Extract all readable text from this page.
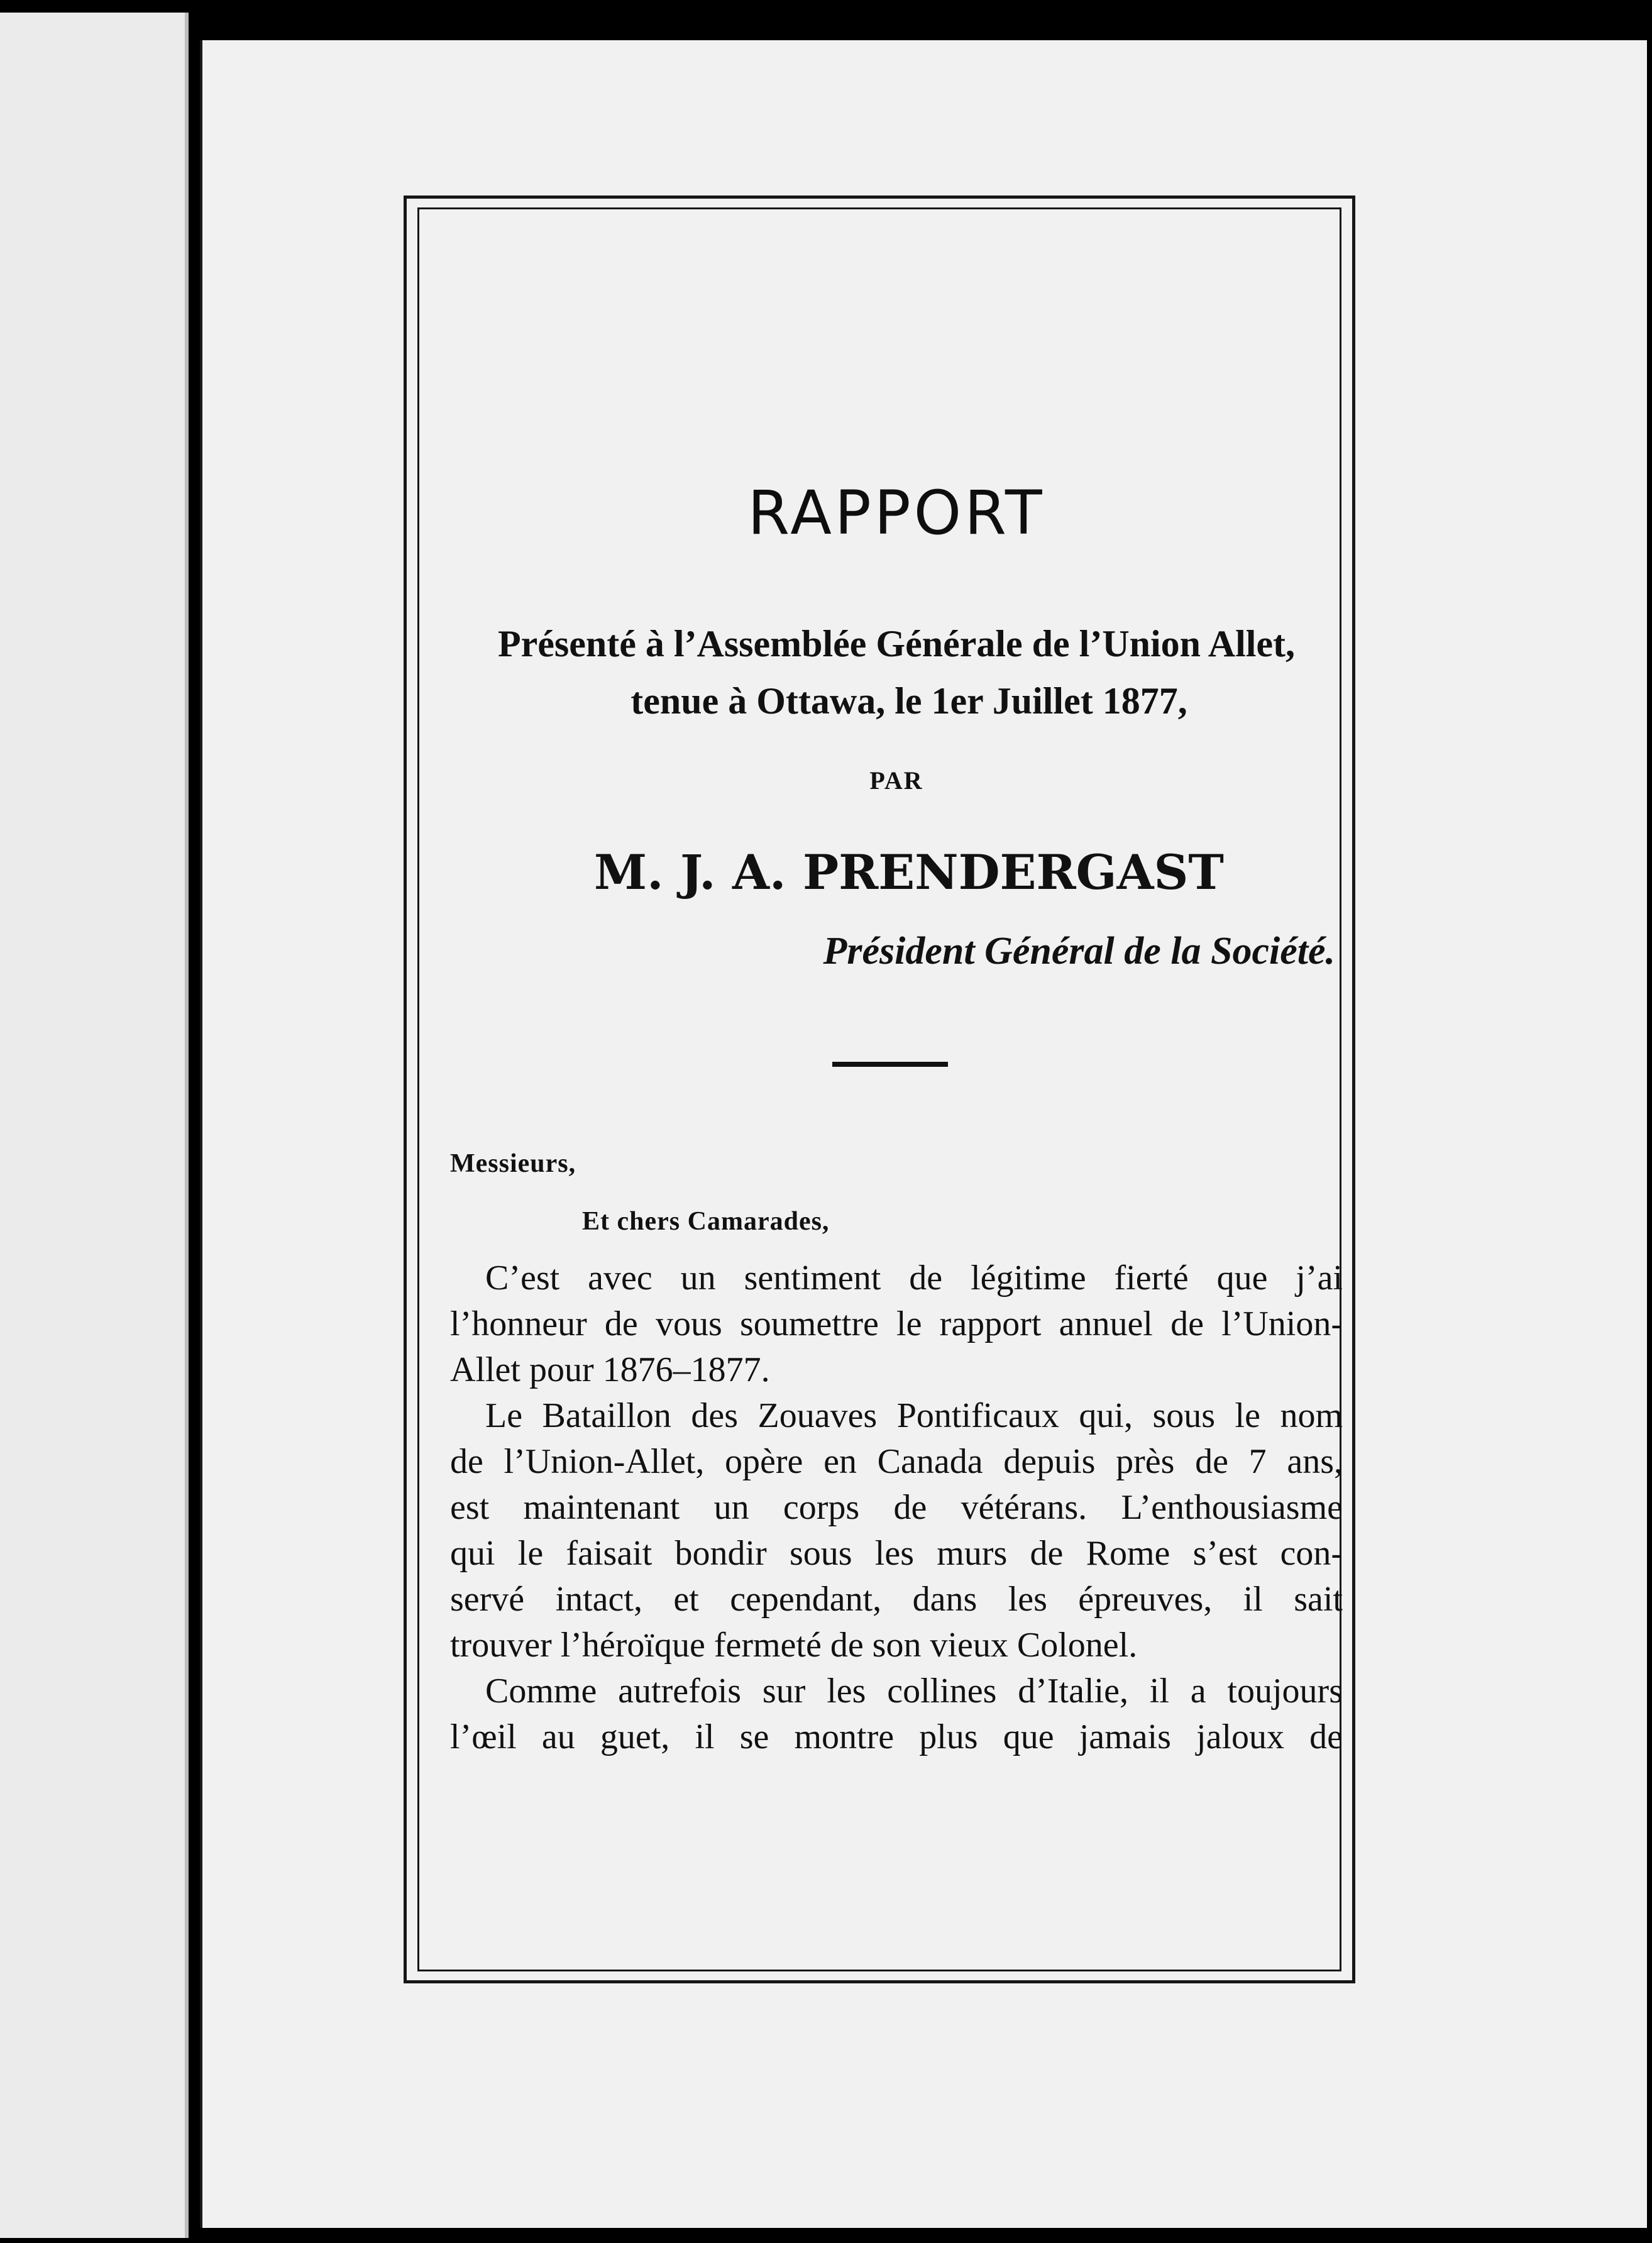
RAPPORT
Présenté à l’Assemblée Générale de l’Union Allet,
tenue à Ottawa, le 1er Juillet 1877,
PAR
M. J. A. PRENDERGAST
Président Général de la Société.
Messieurs,
Et chers Camarades,
C’est avec un sentiment de légitime fierté que j’ai
l’honneur de vous soumettre le rapport annuel de l’Union-
Allet pour 1876–1877.
Le Bataillon des Zouaves Pontificaux qui, sous le nom
de l’Union-Allet, opère en Canada depuis près de 7 ans,
est maintenant un corps de vétérans. L’enthousiasme
qui le faisait bondir sous les murs de Rome s’est con-
servé intact, et cependant, dans les épreuves, il sait
trouver l’héroïque fermeté de son vieux Colonel.
Comme autrefois sur les collines d’Italie, il a toujours
l’œil au guet, il se montre plus que jamais jaloux de
